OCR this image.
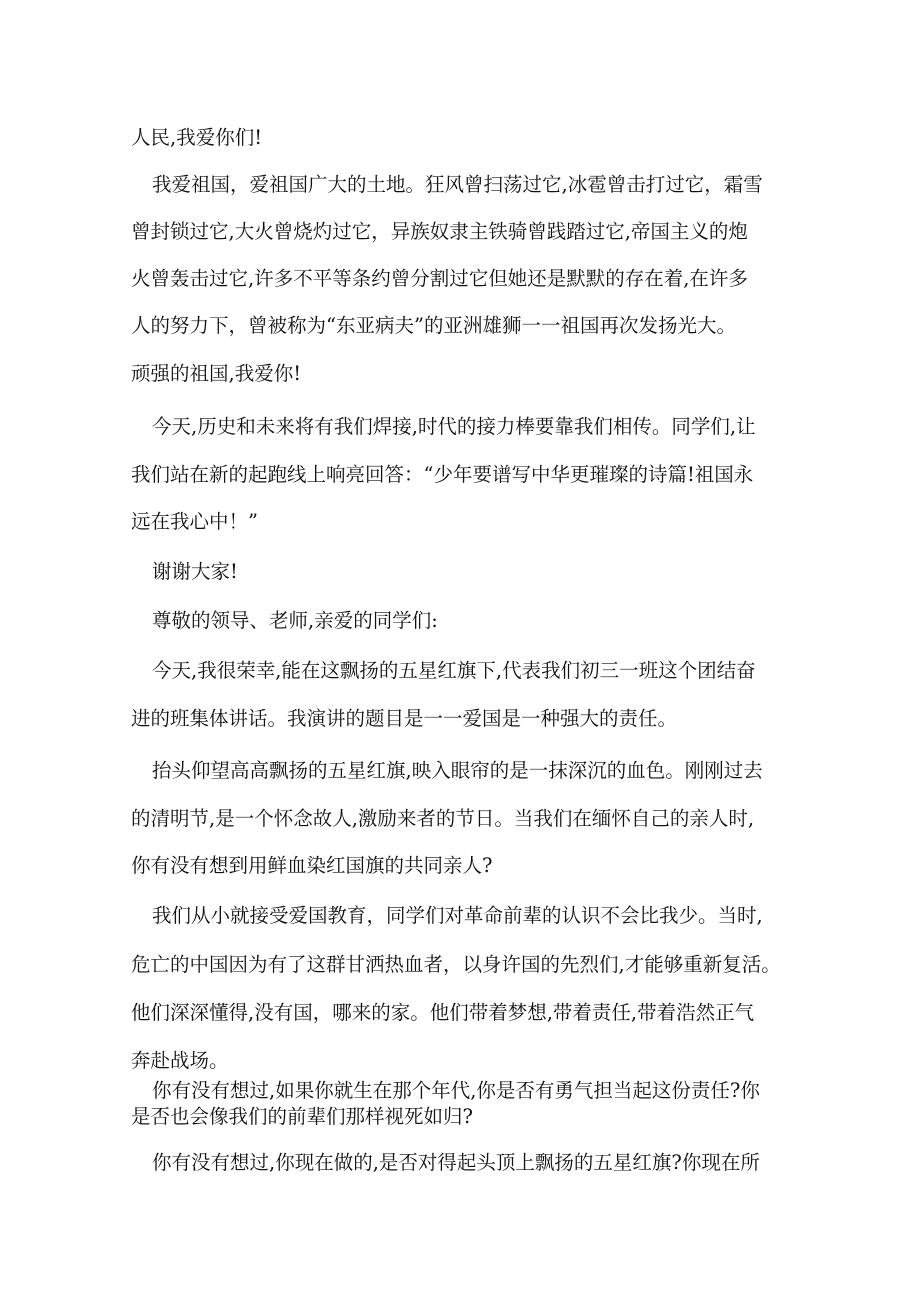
人民,我爱你们!
我爱祖国，爱祖国广大的土地。狂风曾扫荡过它,冰雹曾击打过它，霜雪
曾封锁过它,大火曾烧灼过它，异族奴隶主铁骑曾践踏过它,帝国主义的炮
火曾轰击过它,许多不平等条约曾分割过它但她还是默默的存在着,在许多
人的努力下，曾被称为“东亚病夫”的亚洲雄狮一一祖国再次发扬光大。
顽强的祖国,我爱你!
今天,历史和未来将有我们焊接,时代的接力棒要靠我们相传。同学们,让
我们站在新的起跑线上响亮回答：“少年要谱写中华更璀璨的诗篇!祖国永
远在我心中！”
谢谢大家!
尊敬的领导、老师,亲爱的同学们:
今天,我很荣幸,能在这飘扬的五星红旗下,代表我们初三一班这个团结奋
进的班集体讲话。我演讲的题目是一一爱国是一种强大的责任。
抬头仰望高高飘扬的五星红旗,映入眼帘的是一抹深沉的血色。刚刚过去
的清明节,是一个怀念故人,激励来者的节日。当我们在缅怀自己的亲人时,
你有没有想到用鲜血染红国旗的共同亲人?
我们从小就接受爱国教育，同学们对革命前辈的认识不会比我少。当时,
危亡的中国因为有了这群甘洒热血者，以身许国的先烈们,才能够重新复活。
他们深深懂得,没有国，哪来的家。他们带着梦想,带着责任,带着浩然正气
奔赴战场。
你有没有想过,如果你就生在那个年代,你是否有勇气担当起这份责任?你
是否也会像我们的前辈们那样视死如归?
你有没有想过,你现在做的,是否对得起头顶上飘扬的五星红旗?你现在所
